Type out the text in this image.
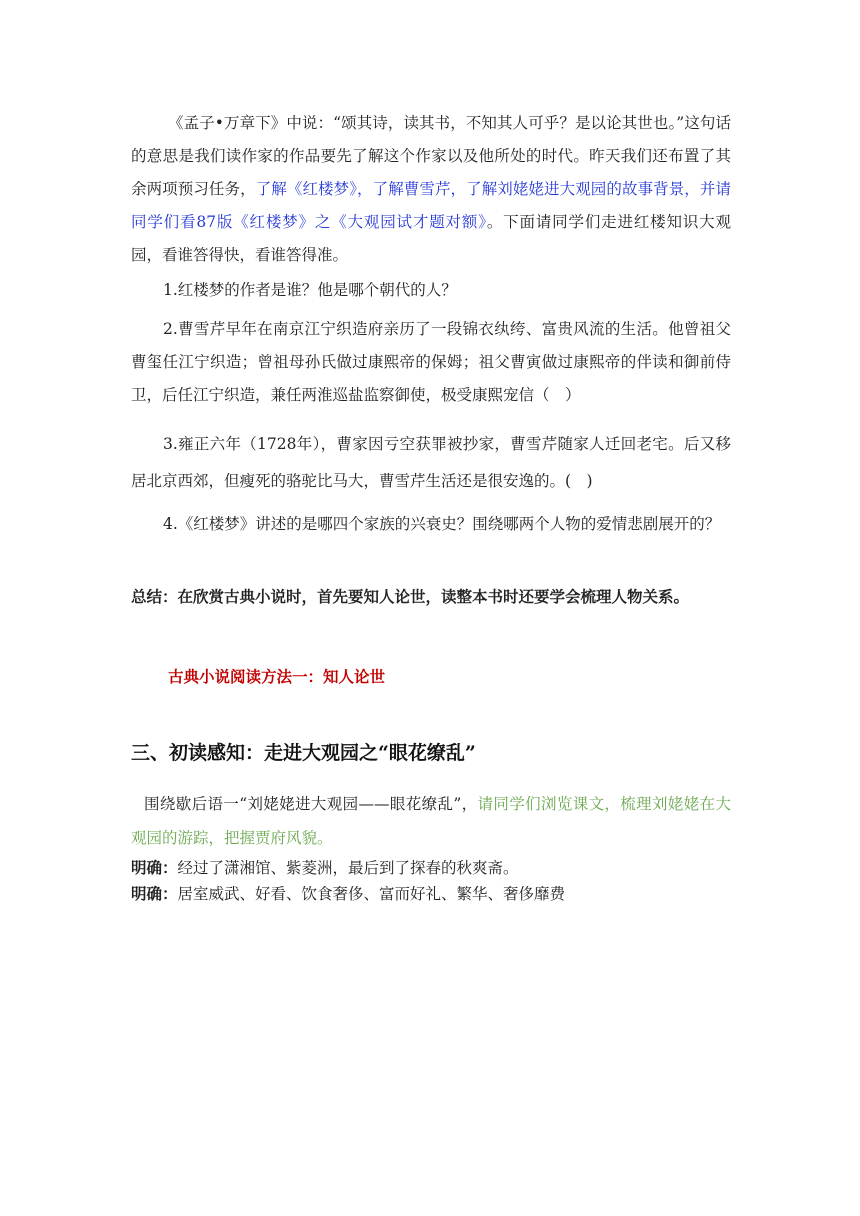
《孟子•万章下》中说：“颂其诗，读其书，不知其人可乎？是以论其世也。”这句话的意思是我们读作家的作品要先了解这个作家以及他所处的时代。昨天我们还布置了其余两项预习任务，了解《红楼梦》，了解曹雪芹，了解刘姥姥进大观园的故事背景，并请同学们看87版《红楼梦》之《大观园试才题对额》。下面请同学们走进红楼知识大观园，看谁答得快，看谁答得准。

1.红楼梦的作者是谁？他是哪个朝代的人？

2.曹雪芹早年在南京江宁织造府亲历了一段锦衣纨绔、富贵风流的生活。他曾祖父曹玺任江宁织造；曾祖母孙氏做过康熙帝的保姆；祖父曹寅做过康熙帝的伴读和御前侍卫，后任江宁织造，兼任两淮巡盐监察御使，极受康熙宠信（　）

3.雍正六年（1728年），曹家因亏空获罪被抄家，曹雪芹随家人迁回老宅。后又移居北京西郊，但瘦死的骆驼比马大，曹雪芹生活还是很安逸的。(　)

4.《红楼梦》讲述的是哪四个家族的兴衰史？围绕哪两个人物的爱情悲剧展开的？

总结：在欣赏古典小说时，首先要知人论世，读整本书时还要学会梳理人物关系。

古典小说阅读方法一：知人论世

三、初读感知：走进大观园之“眼花缭乱”

围绕歇后语一“刘姥姥进大观园——眼花缭乱”，请同学们浏览课文，梳理刘姥姥在大观园的游踪，把握贾府风貌。

明确：经过了潇湘馆、紫菱洲，最后到了探春的秋爽斋。

明确：居室威武、好看、饮食奢侈、富而好礼、繁华、奢侈靡费
